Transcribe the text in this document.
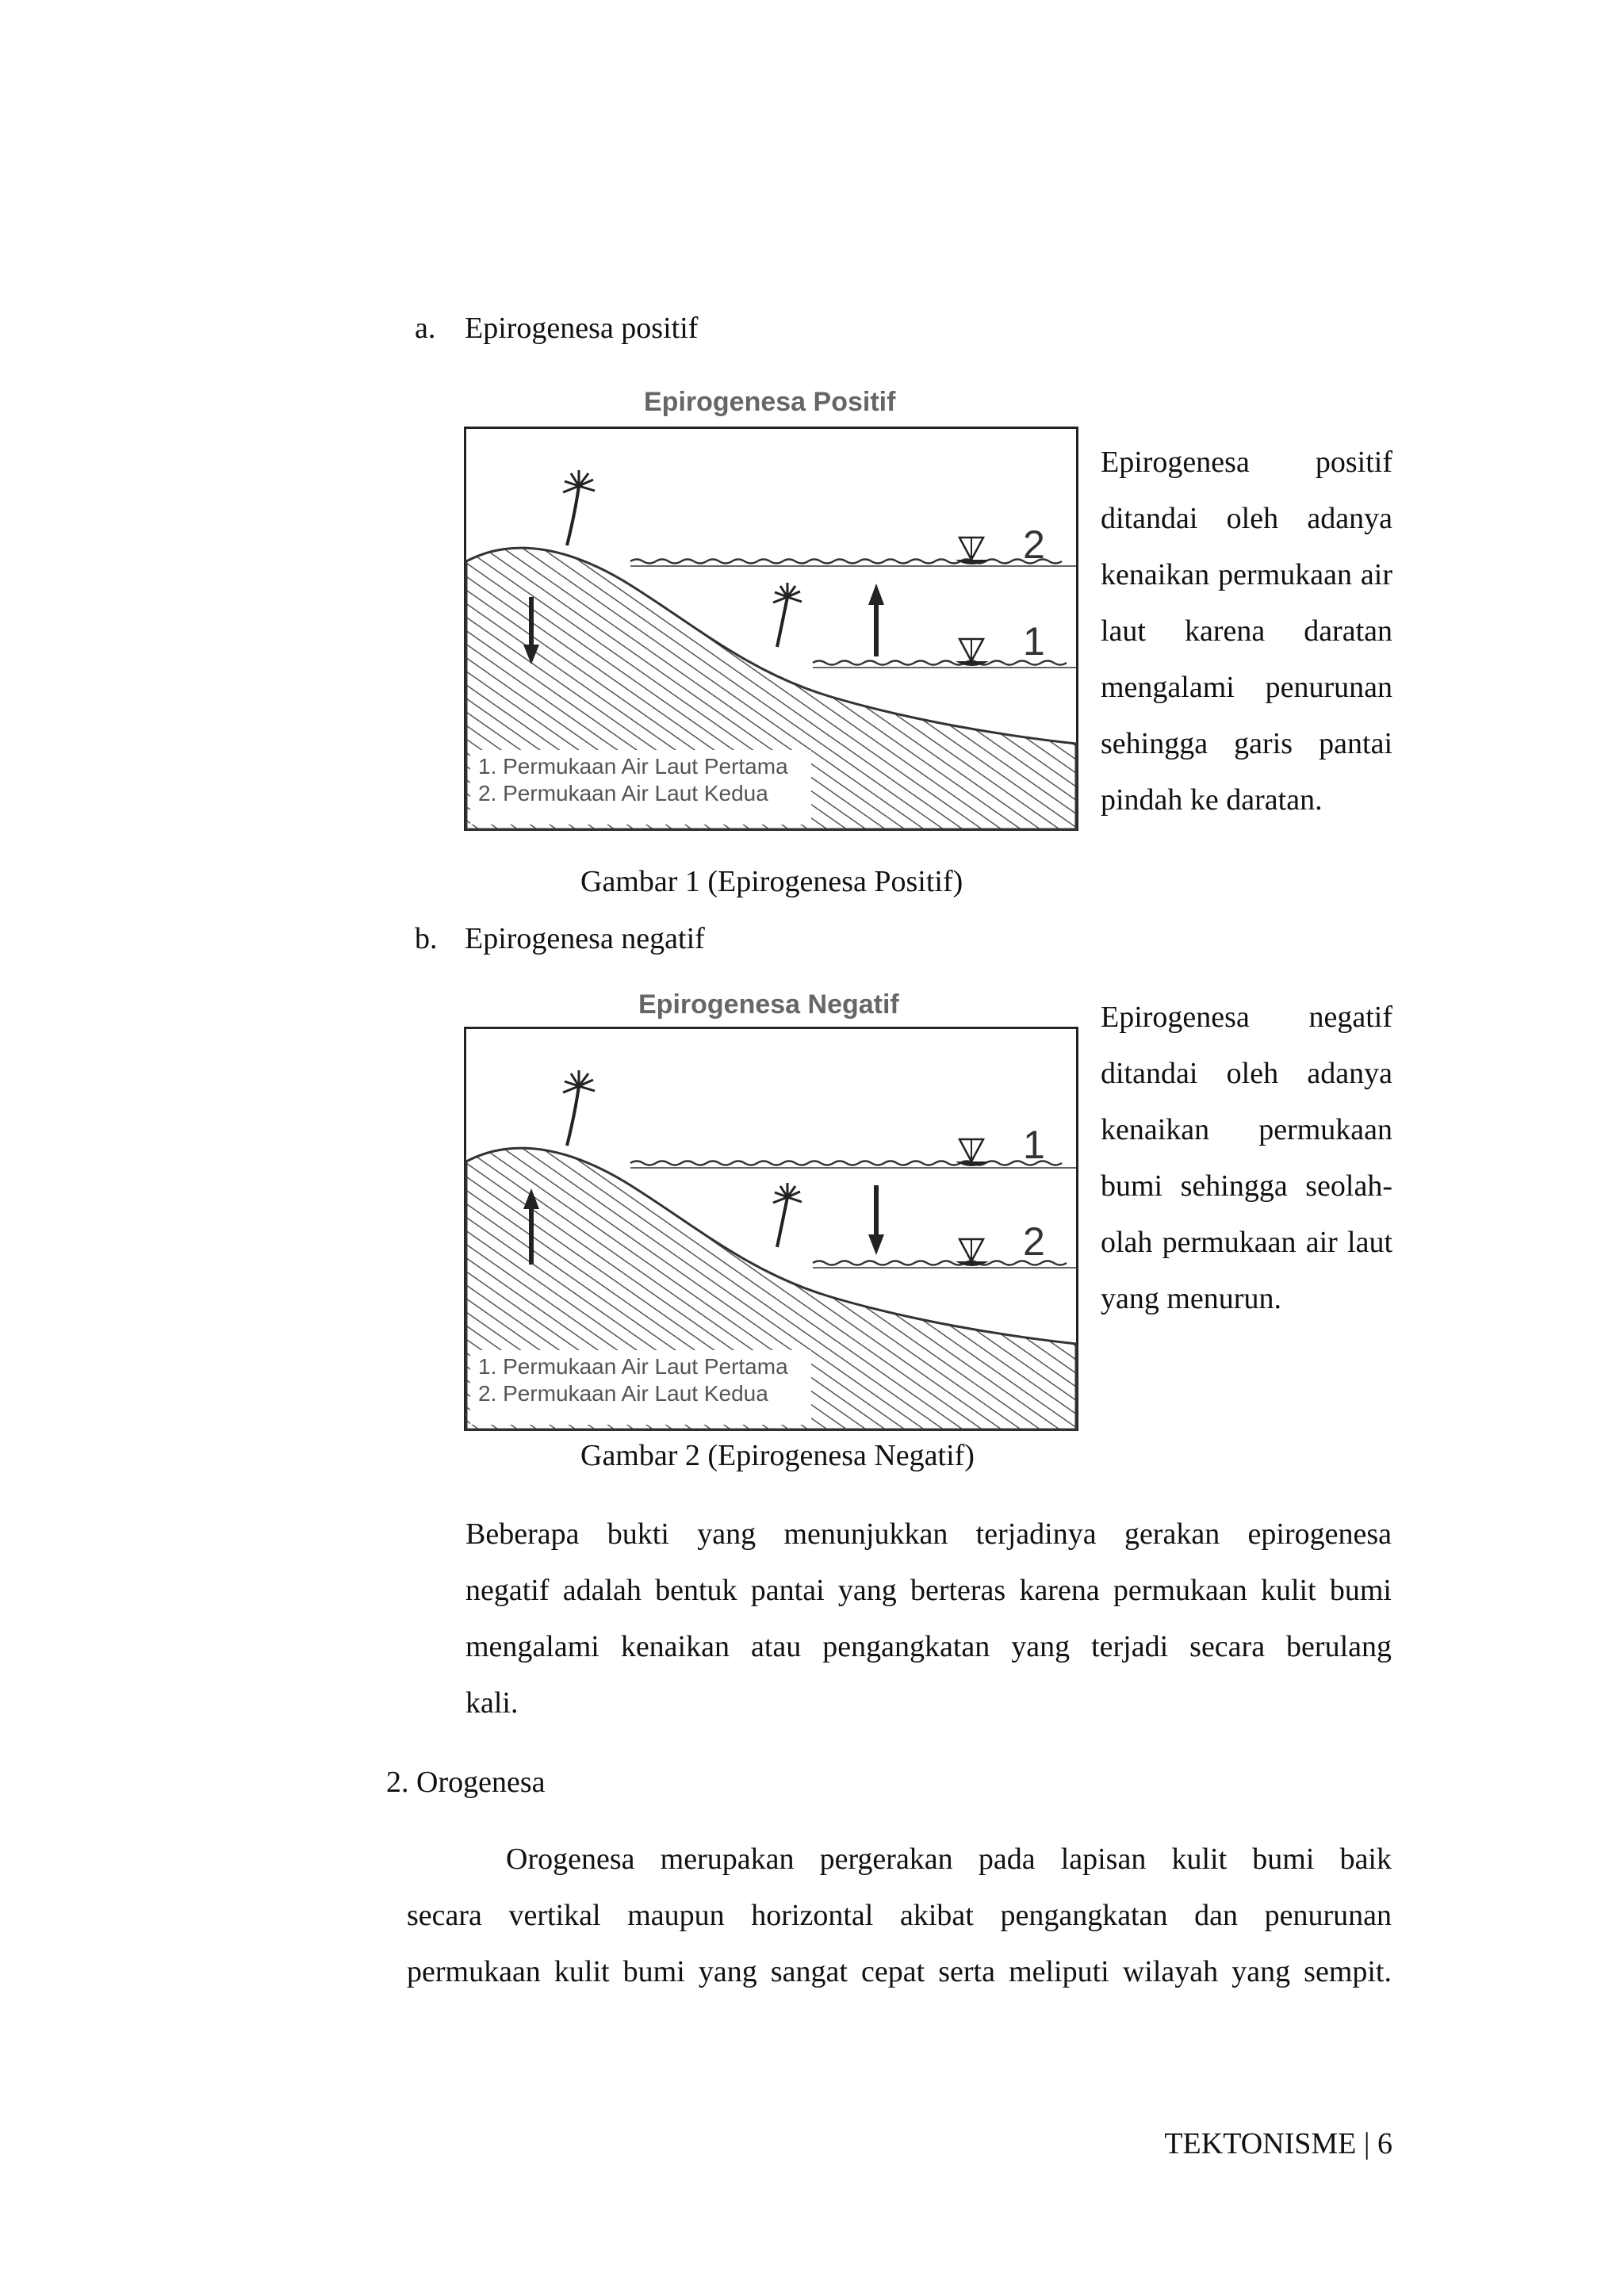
a. Epirogenesa positif
Epirogenesa Positif
2
1
1. Permukaan Air Laut Pertama
2. Permukaan Air Laut Kedua
Epirogenesa positif ditandai oleh adanya kenaikan permukaan air laut karena daratan mengalami penurunan sehingga garis pantai pindah ke daratan.
Gambar 1 (Epirogenesa Positif)
b. Epirogenesa negatif
Epirogenesa Negatif
1
2
1. Permukaan Air Laut Pertama
2. Permukaan Air Laut Kedua
Epirogenesa negatif ditandai oleh adanya kenaikan permukaan bumi sehingga seolah-olah permukaan air laut yang menurun.
Gambar 2 (Epirogenesa Negatif)
Beberapa bukti yang menunjukkan terjadinya gerakan epirogenesa
negatif adalah bentuk pantai yang berteras karena permukaan kulit bumi
mengalami kenaikan atau pengangkatan yang terjadi secara berulang
kali.
2. Orogenesa
Orogenesa merupakan pergerakan pada lapisan kulit bumi baik
secara vertikal maupun horizontal akibat pengangkatan dan penurunan
permukaan kulit bumi yang sangat cepat serta meliputi wilayah yang sempit.
TEKTONISME | 6
